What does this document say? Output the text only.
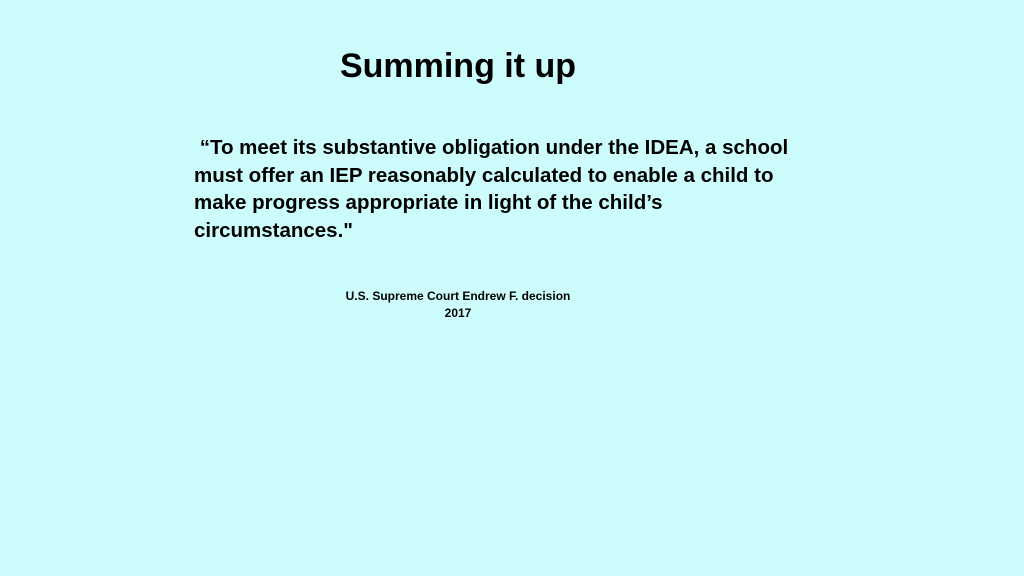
Summing it up
“To meet its substantive obligation under the IDEA, a school
must offer an IEP reasonably calculated to enable a child to
make progress appropriate in light of the child’s
circumstances."
U.S. Supreme Court Endrew F. decision
2017
